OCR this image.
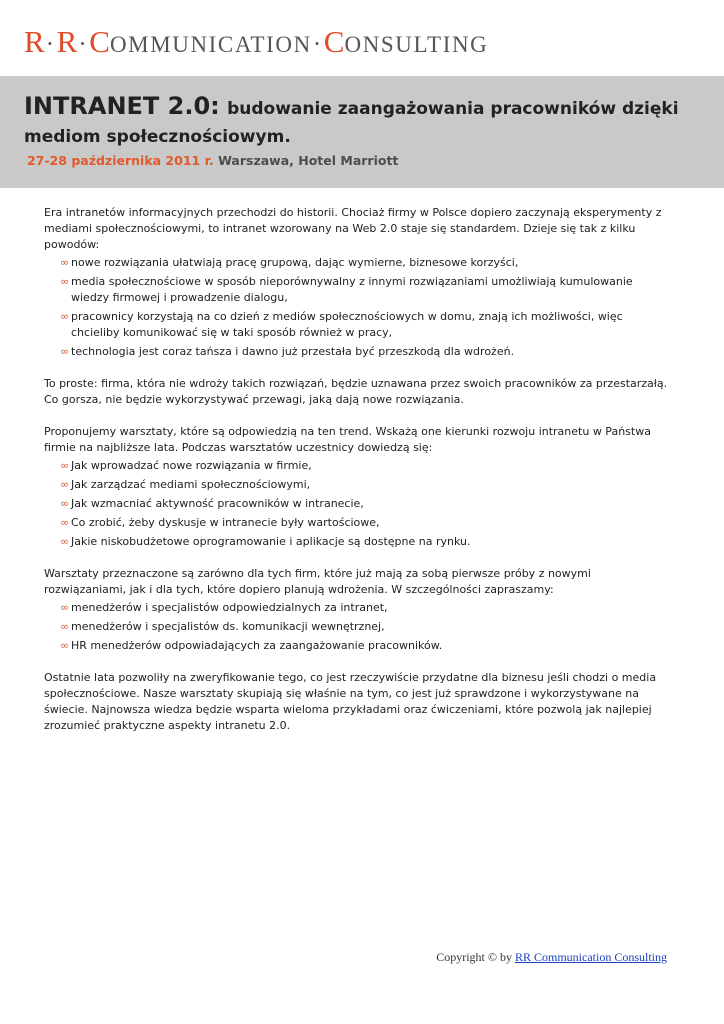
R·R·COMMUNICATION·CONSULTING
INTRANET 2.0: budowanie zaangażowania pracowników dzięki mediom społecznościowym.
27-28 października 2011 r. Warszawa, Hotel Marriott

Era intranetów informacyjnych przechodzi do historii. Chociaż firmy w Polsce dopiero zaczynają eksperymenty z mediami społecznościowymi, to intranet wzorowany na Web 2.0 staje się standardem. Dzieje się tak z kilku powodów:

∞ nowe rozwiązania ułatwiają pracę grupową, dając wymierne, biznesowe korzyści,
∞ media społecznościowe w sposób nieporównywalny z innymi rozwiązaniami umożliwiają kumulowanie wiedzy firmowej i prowadzenie dialogu,
∞ pracownicy korzystają na co dzień z mediów społecznościowych w domu, znają ich możliwości, więc chcieliby komunikować się w taki sposób również w pracy,
∞ technologia jest coraz tańsza i dawno już przestała być przeszkodą dla wdrożeń.

To proste: firma, która nie wdroży takich rozwiązań, będzie uznawana przez swoich pracowników za przestarzałą. Co gorsza, nie będzie wykorzystywać przewagi, jaką dają nowe rozwiązania.

Proponujemy warsztaty, które są odpowiedzią na ten trend. Wskażą one kierunki rozwoju intranetu w Państwa firmie na najbliższe lata. Podczas warsztatów uczestnicy dowiedzą się:

∞ Jak wprowadzać nowe rozwiązania w firmie,
∞ Jak zarządzać mediami społecznościowymi,
∞ Jak wzmacniać aktywność pracowników w intranecie,
∞ Co zrobić, żeby dyskusje w intranecie były wartościowe,
∞ Jakie niskobudżetowe oprogramowanie i aplikacje są dostępne na rynku.

Warsztaty przeznaczone są zarówno dla tych firm, które już mają za sobą pierwsze próby z nowymi rozwiązaniami, jak i dla tych, które dopiero planują wdrożenia. W szczególności zapraszamy:

∞ menedżerów i specjalistów odpowiedzialnych za intranet,
∞ menedżerów i specjalistów ds. komunikacji wewnętrznej,
∞ HR menedżerów odpowiadających za zaangażowanie pracowników.

Ostatnie lata pozwoliły na zweryfikowanie tego, co jest rzeczywiście przydatne dla biznesu jeśli chodzi o media społecznościowe. Nasze warsztaty skupiają się właśnie na tym, co jest już sprawdzone i wykorzystywane na świecie. Najnowsza wiedza będzie wsparta wieloma przykładami oraz ćwiczeniami, które pozwolą jak najlepiej zrozumieć praktyczne aspekty intranetu 2.0.

Copyright © by RR Communication Consulting
